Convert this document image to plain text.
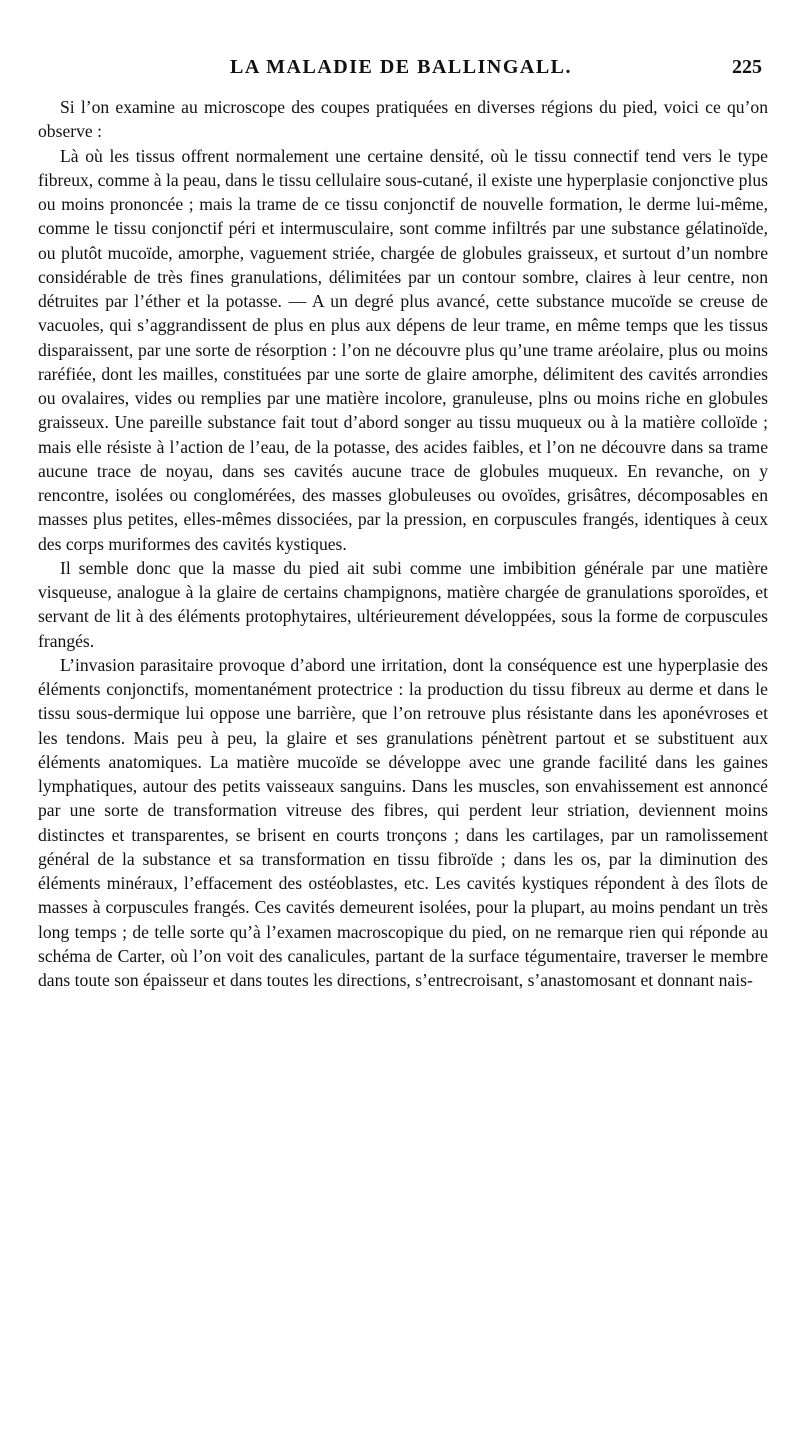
LA MALADIE DE BALLINGALL.	225

Si l’on examine au microscope des coupes pratiquées en diverses régions du pied, voici ce qu’on observe :

Là où les tissus offrent normalement une certaine densité, où le tissu connectif tend vers le type fibreux, comme à la peau, dans le tissu cellulaire sous-cutané, il existe une hyperplasie conjonctive plus ou moins prononcée ; mais la trame de ce tissu conjonctif de nouvelle formation, le derme lui-même, comme le tissu conjonctif péri et intermusculaire, sont comme infiltrés par une substance gélatinoïde, ou plutôt mucoïde, amorphe, vaguement striée, chargée de globules graisseux, et surtout d’un nombre considérable de très fines granulations, délimitées par un contour sombre, claires à leur centre, non détruites par l’éther et la potasse. — A un degré plus avancé, cette substance mucoïde se creuse de vacuoles, qui s’aggrandissent de plus en plus aux dépens de leur trame, en même temps que les tissus disparaissent, par une sorte de résorption : l’on ne découvre plus qu’une trame aréolaire, plus ou moins raréfiée, dont les mailles, constituées par une sorte de glaire amorphe, délimitent des cavités arrondies ou ovalaires, vides ou remplies par une matière incolore, granuleuse, plns ou moins riche en globules graisseux. Une pareille substance fait tout d’abord songer au tissu muqueux ou à la matière colloïde ; mais elle résiste à l’action de l’eau, de la potasse, des acides faibles, et l’on ne découvre dans sa trame aucune trace de noyau, dans ses cavités aucune trace de globules muqueux. En revanche, on y rencontre, isolées ou conglomérées, des masses globuleuses ou ovoïdes, grisâtres, décomposables en masses plus petites, elles-mêmes dissociées, par la pression, en corpuscules frangés, identiques à ceux des corps muriformes des cavités kystiques.

Il semble donc que la masse du pied ait subi comme une imbibition générale par une matière visqueuse, analogue à la glaire de certains champignons, matière chargée de granulations sporoïdes, et servant de lit à des éléments protophytaires, ultérieurement développées, sous la forme de corpuscules frangés.

L’invasion parasitaire provoque d’abord une irritation, dont la conséquence est une hyperplasie des éléments conjonctifs, momentanément protectrice : la production du tissu fibreux au derme et dans le tissu sous-dermique lui oppose une barrière, que l’on retrouve plus résistante dans les aponévroses et les tendons. Mais peu à peu, la glaire et ses granulations pénètrent partout et se substituent aux éléments anatomiques. La matière mucoïde se développe avec une grande facilité dans les gaines lymphatiques, autour des petits vaisseaux sanguins. Dans les muscles, son envahissement est annoncé par une sorte de transformation vitreuse des fibres, qui perdent leur striation, deviennent moins distinctes et transparentes, se brisent en courts tronçons ; dans les cartilages, par un ramolissement général de la substance et sa transformation en tissu fibroïde ; dans les os, par la diminution des éléments minéraux, l’effacement des ostéoblastes, etc. Les cavités kystiques répondent à des îlots de masses à corpuscules frangés. Ces cavités demeurent isolées, pour la plupart, au moins pendant un très long temps ; de telle sorte qu’à l’examen macroscopique du pied, on ne remarque rien qui réponde au schéma de Carter, où l’on voit des canalicules, partant de la surface tégumentaire, traverser le membre dans toute son épaisseur et dans toutes les directions, s’entrecroisant, s’anastomosant et donnant nais-
